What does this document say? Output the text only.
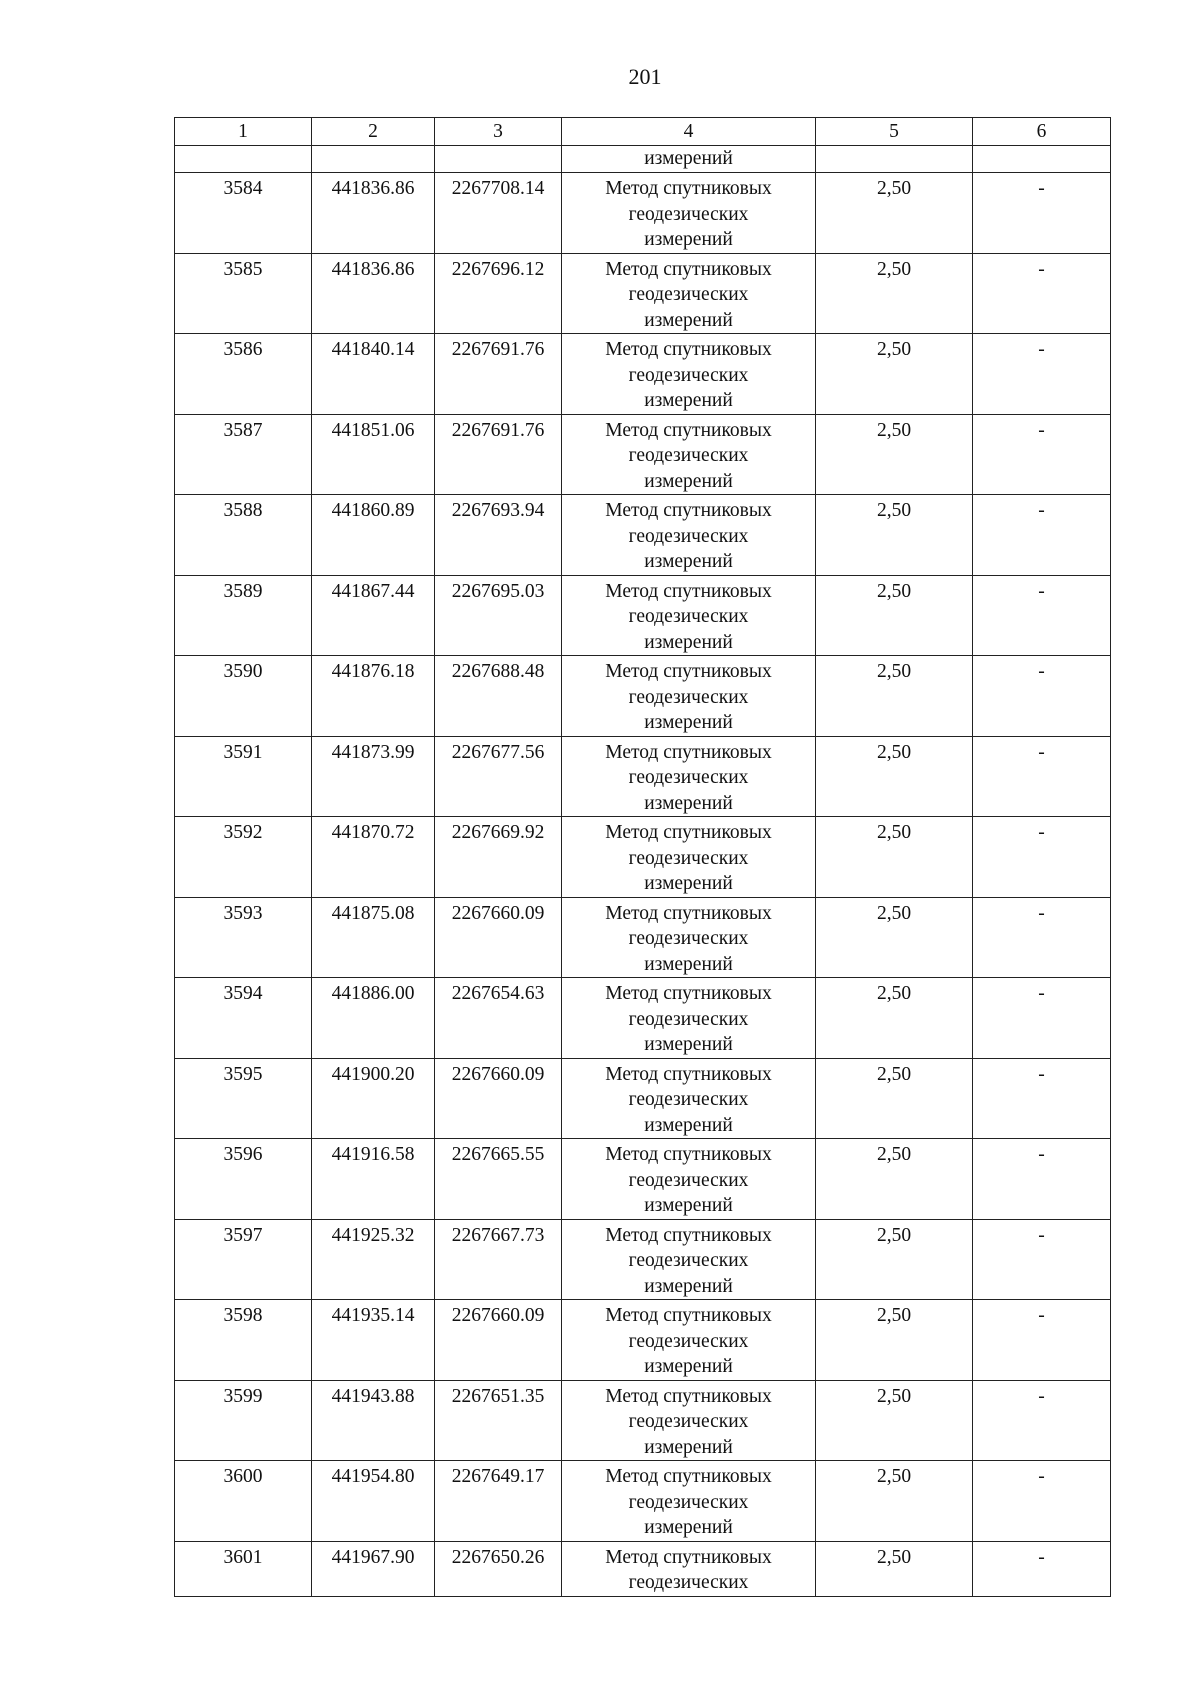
201
1	2	3	4	5	6
			измерений		
3584	441836.86	2267708.14	Метод спутниковых
геодезических
измерений	2,50	-
3585	441836.86	2267696.12	Метод спутниковых
геодезических
измерений	2,50	-
3586	441840.14	2267691.76	Метод спутниковых
геодезических
измерений	2,50	-
3587	441851.06	2267691.76	Метод спутниковых
геодезических
измерений	2,50	-
3588	441860.89	2267693.94	Метод спутниковых
геодезических
измерений	2,50	-
3589	441867.44	2267695.03	Метод спутниковых
геодезических
измерений	2,50	-
3590	441876.18	2267688.48	Метод спутниковых
геодезических
измерений	2,50	-
3591	441873.99	2267677.56	Метод спутниковых
геодезических
измерений	2,50	-
3592	441870.72	2267669.92	Метод спутниковых
геодезических
измерений	2,50	-
3593	441875.08	2267660.09	Метод спутниковых
геодезических
измерений	2,50	-
3594	441886.00	2267654.63	Метод спутниковых
геодезических
измерений	2,50	-
3595	441900.20	2267660.09	Метод спутниковых
геодезических
измерений	2,50	-
3596	441916.58	2267665.55	Метод спутниковых
геодезических
измерений	2,50	-
3597	441925.32	2267667.73	Метод спутниковых
геодезических
измерений	2,50	-
3598	441935.14	2267660.09	Метод спутниковых
геодезических
измерений	2,50	-
3599	441943.88	2267651.35	Метод спутниковых
геодезических
измерений	2,50	-
3600	441954.80	2267649.17	Метод спутниковых
геодезических
измерений	2,50	-
3601	441967.90	2267650.26	Метод спутниковых
геодезических	2,50	-
